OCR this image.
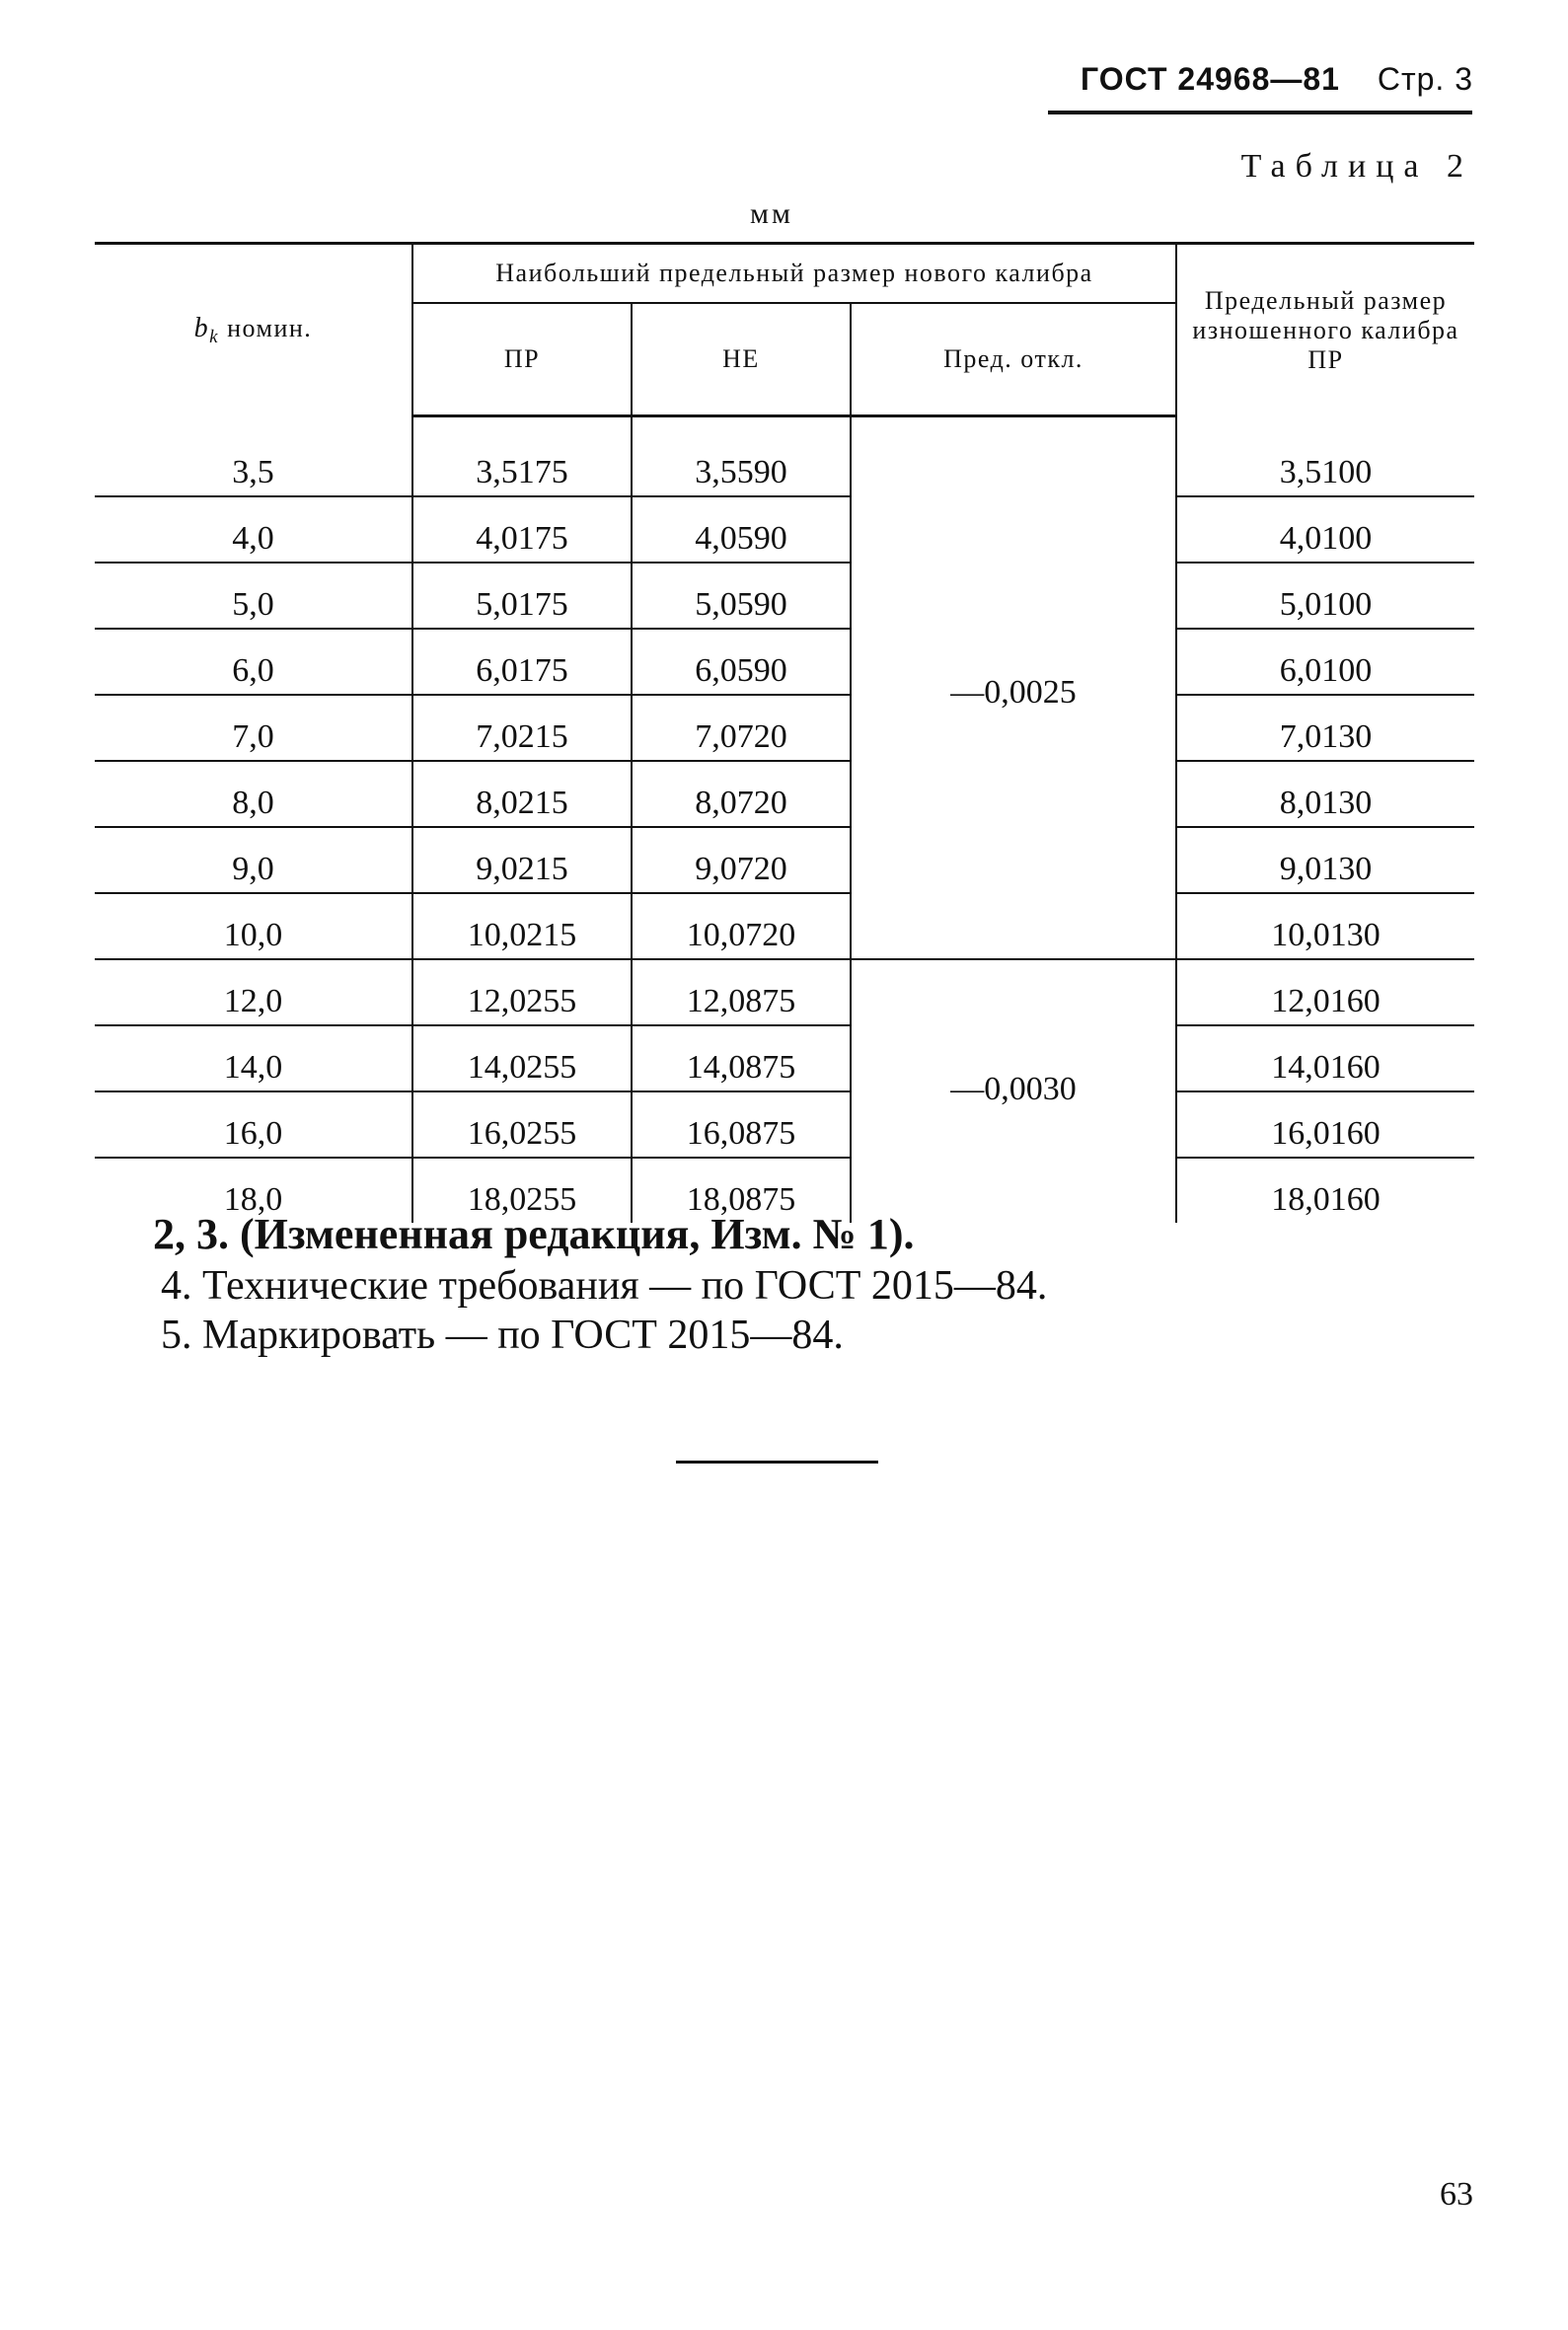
ГОСТ 24968—81 Стр. 3
Таблица 2
мм
$b_k$ номин.	Наибольший предельный размер нового калибра			Предельный размер изношенного калибра ПР
	ПР	НЕ	Пред. откл.	

3,5	3,5175	3,5590	—0,0025	3,5100
4,0	4,0175	4,0590		4,0100
5,0	5,0175	5,0590		5,0100
6,0	6,0175	6,0590		6,0100
7,0	7,0215	7,0720		7,0130
8,0	8,0215	8,0720		8,0130
9,0	9,0215	9,0720		9,0130
10,0	10,0215	10,0720		10,0130
12,0	12,0255	12,0875	—0,0030	12,0160
14,0	14,0255	14,0875		14,0160
16,0	16,0255	16,0875		16,0160
18,0	18,0255	18,0875		18,0160
2, 3. (Измененная редакция, Изм. № 1).
4. Технические требования — по ГОСТ 2015—84.
5. Маркировать — по ГОСТ 2015—84.
63
